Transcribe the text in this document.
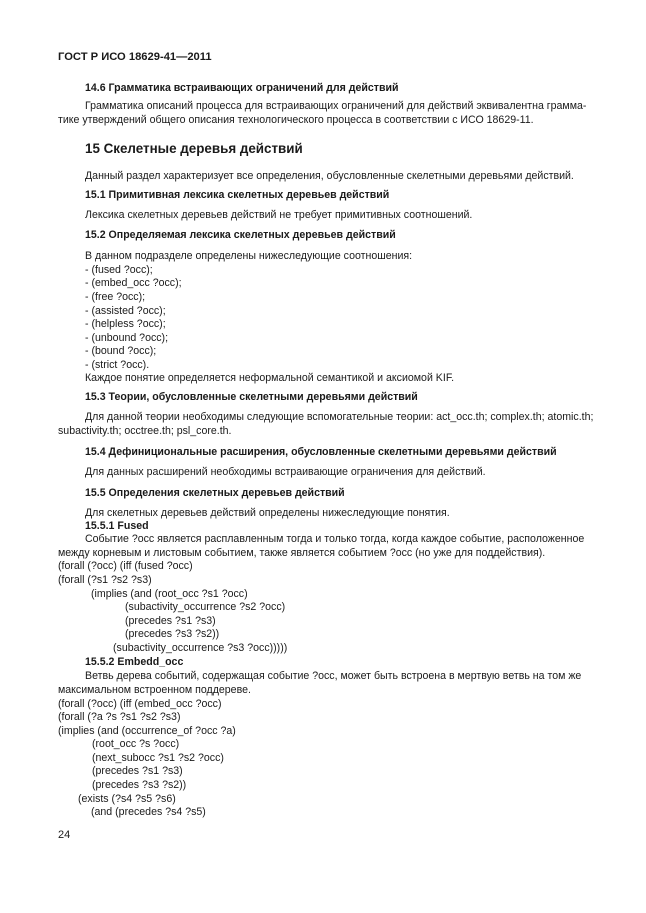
ГОСТ Р ИСО 18629-41—2011
14.6 Грамматика встраивающих ограничений для действий
Грамматика описаний процесса для встраивающих ограничений для действий эквивалентна грамма-
тике утверждений общего описания технологического процесса в соответствии с ИСО 18629-11.
15 Скелетные деревья действий
Данный раздел характеризует все определения, обусловленные скелетными деревьями действий.
15.1 Примитивная лексика скелетных деревьев действий
Лексика скелетных деревьев действий не требует примитивных соотношений.
15.2 Определяемая лексика скелетных деревьев действий
В данном подразделе определены нижеследующие соотношения:
- (fused ?occ);
- (embed_occ ?occ);
- (free ?occ);
- (assisted ?occ);
- (helpless ?occ);
- (unbound ?occ);
- (bound ?occ);
- (strict ?occ).
Каждое понятие определяется неформальной семантикой и аксиомой KIF.
15.3 Теории, обусловленные скелетными деревьями действий
Для данной теории необходимы следующие вспомогательные теории: act_occ.th; complex.th; atomic.th;
subactivity.th; occtree.th; psl_core.th.
15.4 Дефинициональные расширения, обусловленные скелетными деревьями действий
Для данных расширений необходимы встраивающие ограничения для действий.
15.5 Определения скелетных деревьев действий
Для скелетных деревьев действий определены нижеследующие понятия.
15.5.1 Fused
Событие ?occ является расплавленным тогда и только тогда, когда каждое событие, расположенное
между корневым и листовым событием, также является событием ?occ (но уже для поддействия).
(forall (?occ) (iff (fused ?occ)
(forall (?s1 ?s2 ?s3)
(implies (and (root_occ ?s1 ?occ)
(subactivity_occurrence ?s2 ?occ)
(precedes ?s1 ?s3)
(precedes ?s3 ?s2))
(subactivity_occurrence ?s3 ?occ)))))
15.5.2 Embedd_occ
Ветвь дерева событий, содержащая событие ?occ, может быть встроена в мертвую ветвь на том же
максимальном встроенном поддереве.
(forall (?occ) (iff (embed_occ ?occ)
(forall (?a ?s ?s1 ?s2 ?s3)
(implies (and (occurrence_of ?occ ?a)
(root_occ ?s ?occ)
(next_subocc ?s1 ?s2 ?occ)
(precedes ?s1 ?s3)
(precedes ?s3 ?s2))
(exists (?s4 ?s5 ?s6)
(and (precedes ?s4 ?s5)
24
